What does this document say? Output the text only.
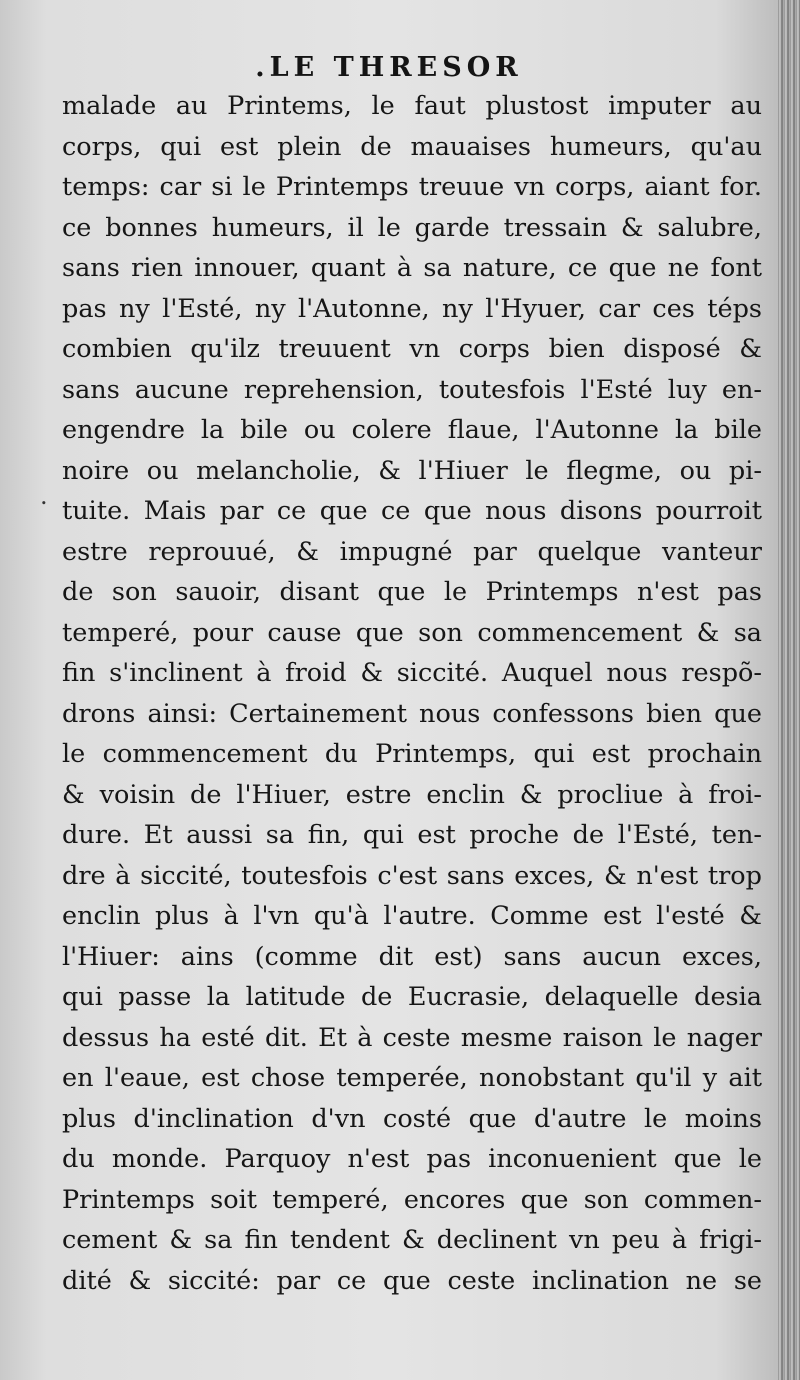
.LE THRESOR
.
malade au Printems, le faut plustost imputer au
corps, qui est plein de mauaises humeurs, qu'au
temps: car si le Printemps treuue vn corps, aiant for.
ce bonnes humeurs, il le garde tressain & salubre,
sans rien innouer, quant à sa nature, ce que ne font
pas ny l'Esté, ny l'Autonne, ny l'Hyuer, car ces téps
combien qu'ilz treuuent vn corps bien disposé &
sans aucune reprehension, toutesfois l'Esté luy en-
engendre la bile ou colere flaue, l'Autonne la bile
noire ou melancholie, & l'Hiuer le flegme, ou pi-
tuite. Mais par ce que ce que nous disons pourroit
estre reprouué, & impugné par quelque vanteur
de son sauoir, disant que le Printemps n'est pas
temperé, pour cause que son commencement & sa
fin s'inclinent à froid & siccité. Auquel nous respõ-
drons ainsi: Certainement nous confessons bien que
le commencement du Printemps, qui est prochain
& voisin de l'Hiuer, estre enclin & procliue à froi-
dure. Et aussi sa fin, qui est proche de l'Esté, ten-
dre à siccité, toutesfois c'est sans exces, & n'est trop
enclin plus à l'vn qu'à l'autre. Comme est l'esté &
l'Hiuer: ains (comme dit est) sans aucun exces,
qui passe la latitude de Eucrasie, delaquelle desia
dessus ha esté dit. Et à ceste mesme raison le nager
en l'eaue, est chose temperée, nonobstant qu'il y ait
plus d'inclination d'vn costé que d'autre le moins
du monde. Parquoy n'est pas inconuenient que le
Printemps soit temperé, encores que son commen-
cement & sa fin tendent & declinent vn peu à frigi-
dité & siccité: par ce que ceste inclination ne se
